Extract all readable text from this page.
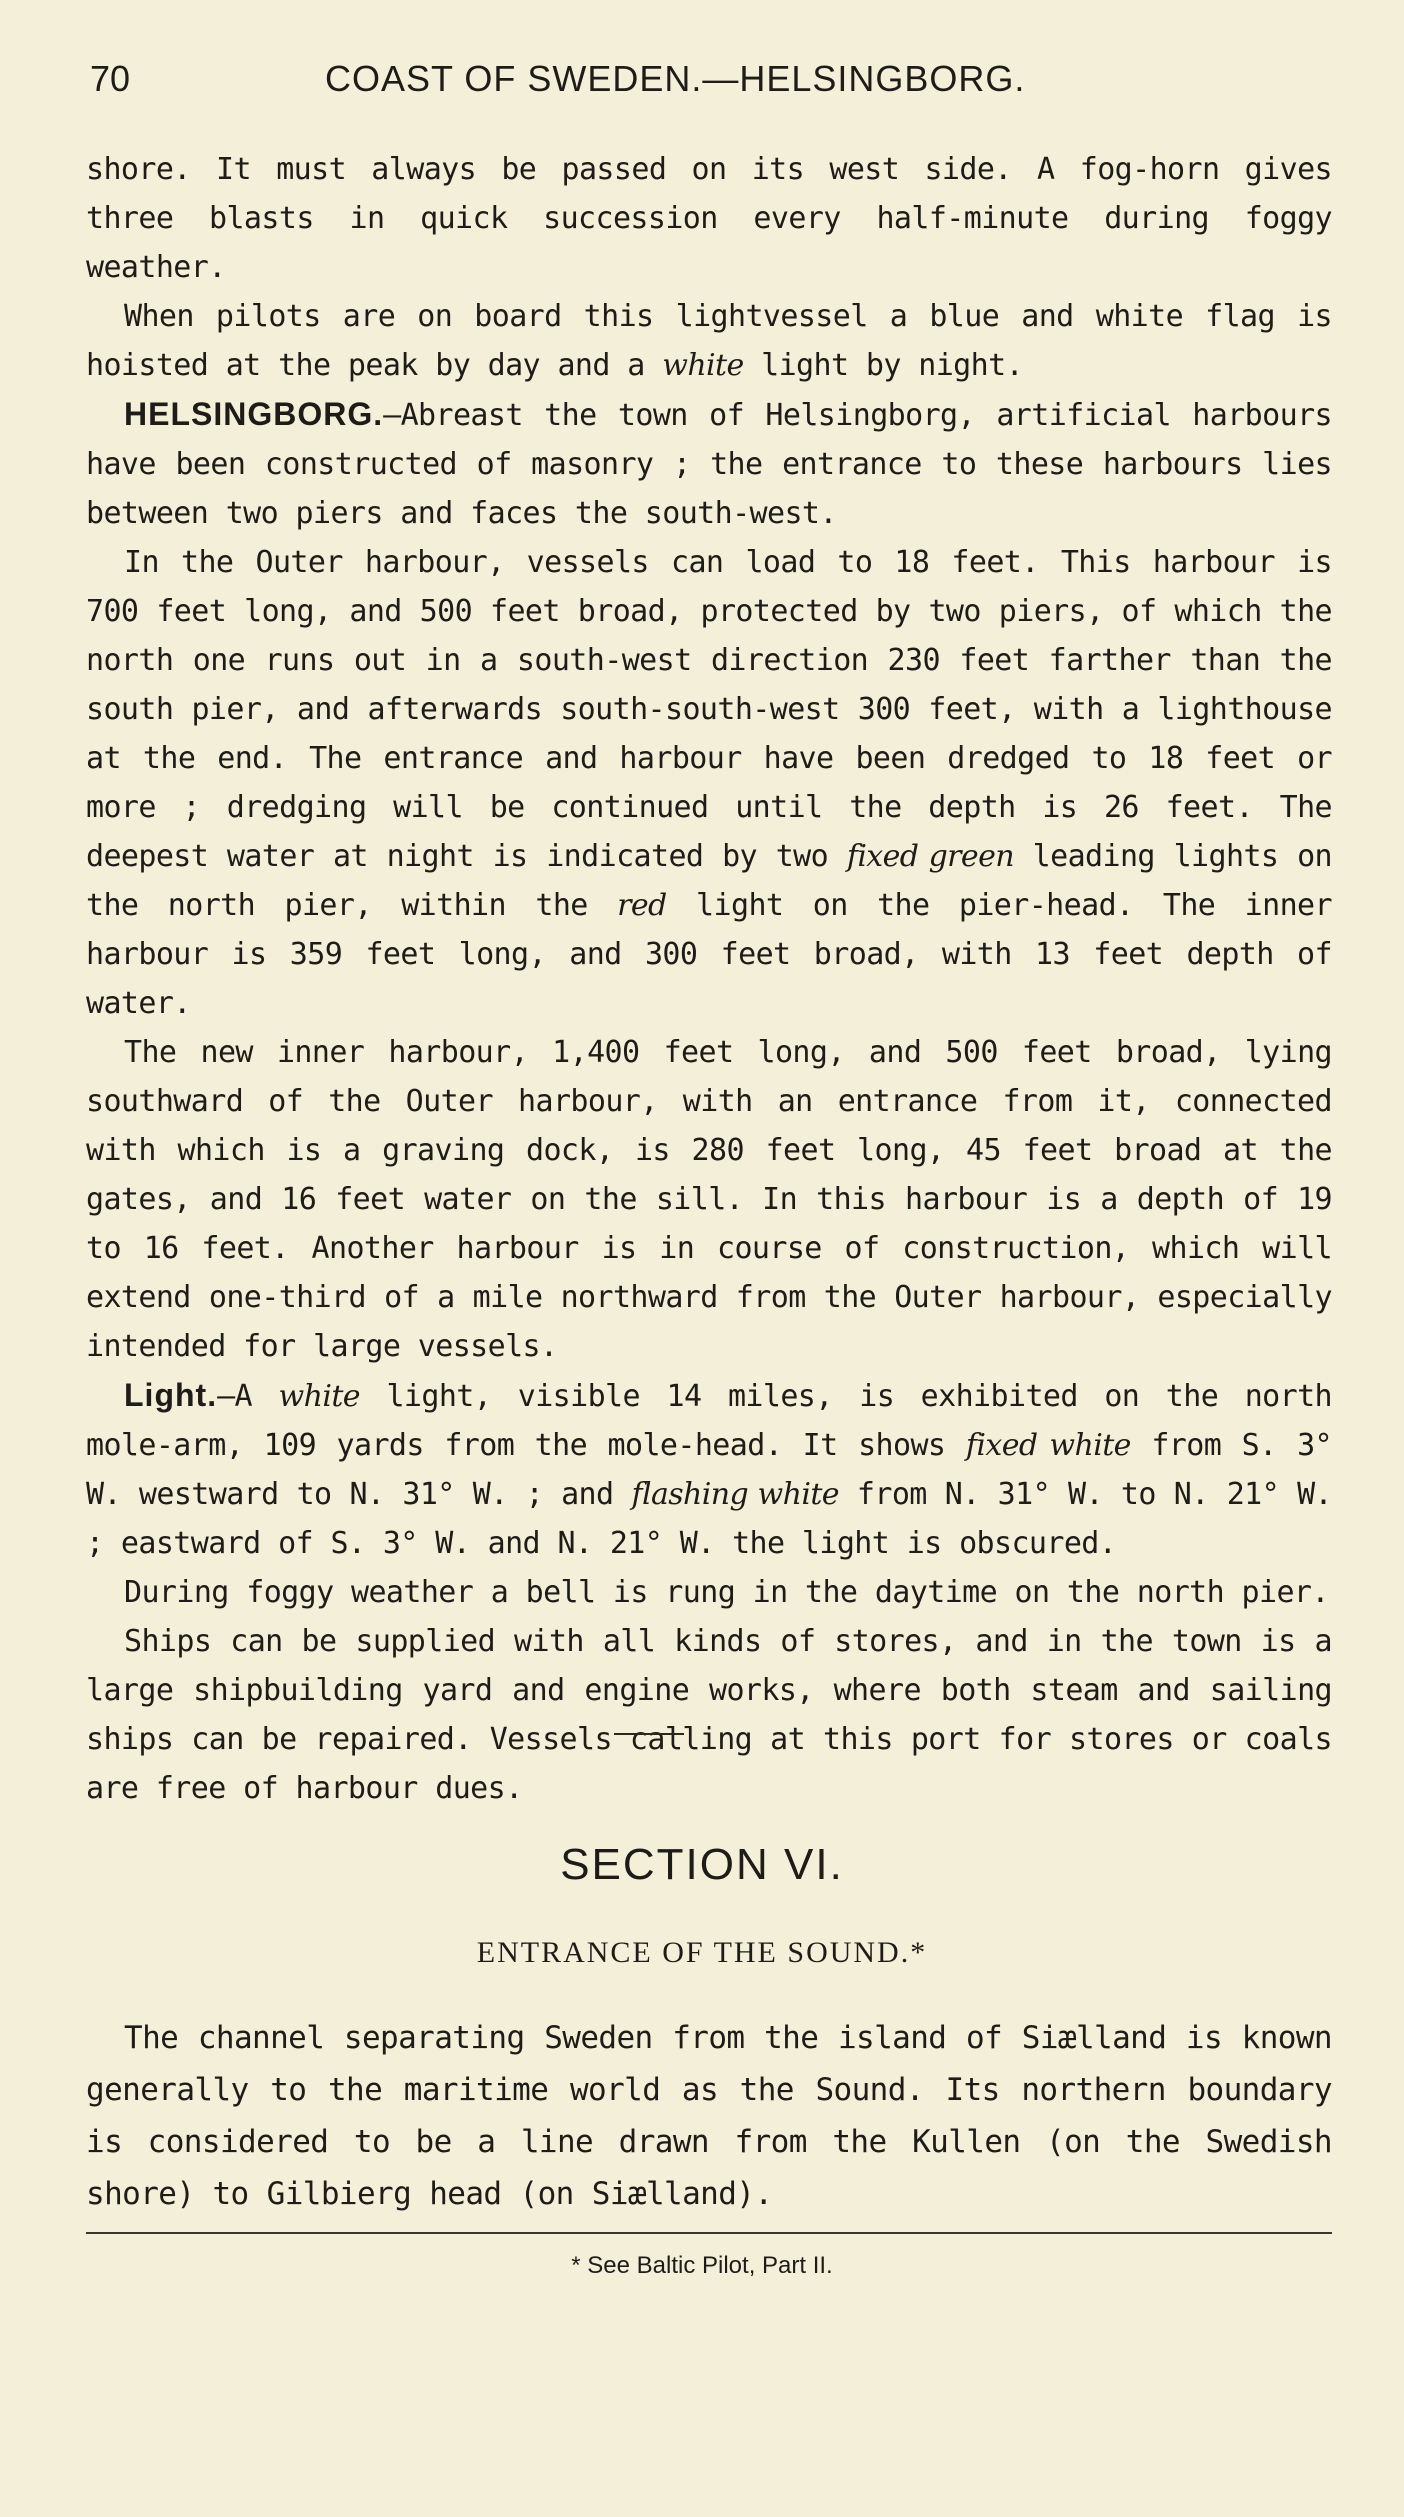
70	COAST OF SWEDEN.—HELSINGBORG.

shore. It must always be passed on its west side. A fog-horn gives three blasts in quick succession every half-minute during foggy weather.

When pilots are on board this lightvessel a blue and white flag is hoisted at the peak by day and a white light by night.

HELSINGBORG.—Abreast the town of Helsingborg, artificial harbours have been constructed of masonry ; the entrance to these harbours lies between two piers and faces the south-west.

In the Outer harbour, vessels can load to 18 feet. This harbour is 700 feet long, and 500 feet broad, protected by two piers, of which the north one runs out in a south-west direction 230 feet farther than the south pier, and afterwards south-south-west 300 feet, with a lighthouse at the end. The entrance and harbour have been dredged to 18 feet or more ; dredging will be continued until the depth is 26 feet. The deepest water at night is indicated by two fixed green leading lights on the north pier, within the red light on the pier-head. The inner harbour is 359 feet long, and 300 feet broad, with 13 feet depth of water.

The new inner harbour, 1,400 feet long, and 500 feet broad, lying southward of the Outer harbour, with an entrance from it, connected with which is a graving dock, is 280 feet long, 45 feet broad at the gates, and 16 feet water on the sill. In this harbour is a depth of 19 to 16 feet. Another harbour is in course of construction, which will extend one-third of a mile northward from the Outer harbour, especially intended for large vessels.

Light.—A white light, visible 14 miles, is exhibited on the north mole-arm, 109 yards from the mole-head. It shows fixed white from S. 3° W. westward to N. 31° W. ; and flashing white from N. 31° W. to N. 21° W. ; eastward of S. 3° W. and N. 21° W. the light is obscured.

During foggy weather a bell is rung in the daytime on the north pier.

Ships can be supplied with all kinds of stores, and in the town is a large shipbuilding yard and engine works, where both steam and sailing ships can be repaired. Vessels calling at this port for stores or coals are free of harbour dues.

SECTION VI.
ENTRANCE OF THE SOUND.*

The channel separating Sweden from the island of Siælland is known generally to the maritime world as the Sound. Its northern boundary is considered to be a line drawn from the Kullen (on the Swedish shore) to Gilbierg head (on Siælland).

* See Baltic Pilot, Part II.
